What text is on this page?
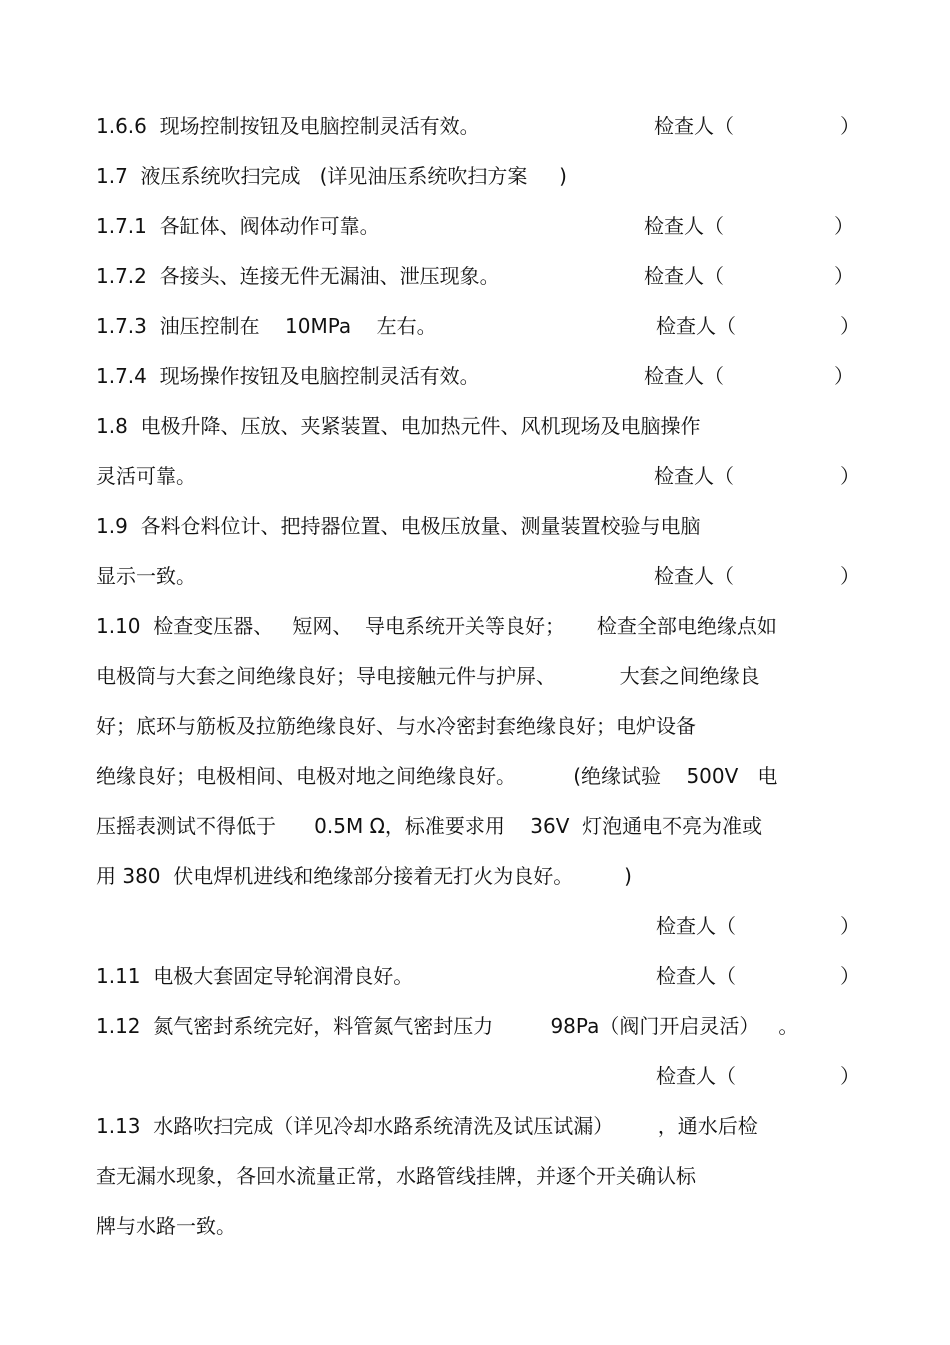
1.6.6  现场控制按钮及电脑控制灵活有效。

	检查人（

	）

1.7  液压系统吹扫完成   (详见油压系统吹扫方案     )

1.7.1  各缸体、阀体动作可靠。

	检查人（

	）

1.7.2  各接头、连接无件无漏油、泄压现象。

	检查人（

	）

1.7.3  油压控制在    10MPa    左右。

	检查人（

	）

1.7.4  现场操作按钮及电脑控制灵活有效。

	检查人（

	）

1.8  电极升降、压放、夹紧装置、电加热元件、风机现场及电脑操作

灵活可靠。

	检查人（

	）

1.9  各料仓料位计、把持器位置、电极压放量、测量装置校验与电脑

显示一致。

	检查人（

	）

1.10  检查变压器、   短网、  导电系统开关等良好；     检查全部电绝缘点如

电极筒与大套之间绝缘良好；导电接触元件与护屏、          大套之间绝缘良

好；底环与筋板及拉筋绝缘良好、与水冷密封套绝缘良好；电炉设备

绝缘良好；电极相间、电极对地之间绝缘良好。         (绝缘试验    500V   电

压摇表测试不得低于      0.5M Ω，标准要求用    36V  灯泡通电不亮为准或

用 380  伏电焊机进线和绝缘部分接着无打火为良好。        )

检查人（

	）

1.11  电极大套固定导轮润滑良好。

	检查人（

	）

1.12  氮气密封系统完好，料管氮气密封压力         98Pa（阀门开启灵活）   。

检查人（

	）

1.13  水路吹扫完成（详见冷却水路系统清洗及试压试漏）       ，通水后检

查无漏水现象，各回水流量正常，水路管线挂牌，并逐个开关确认标

牌与水路一致。
